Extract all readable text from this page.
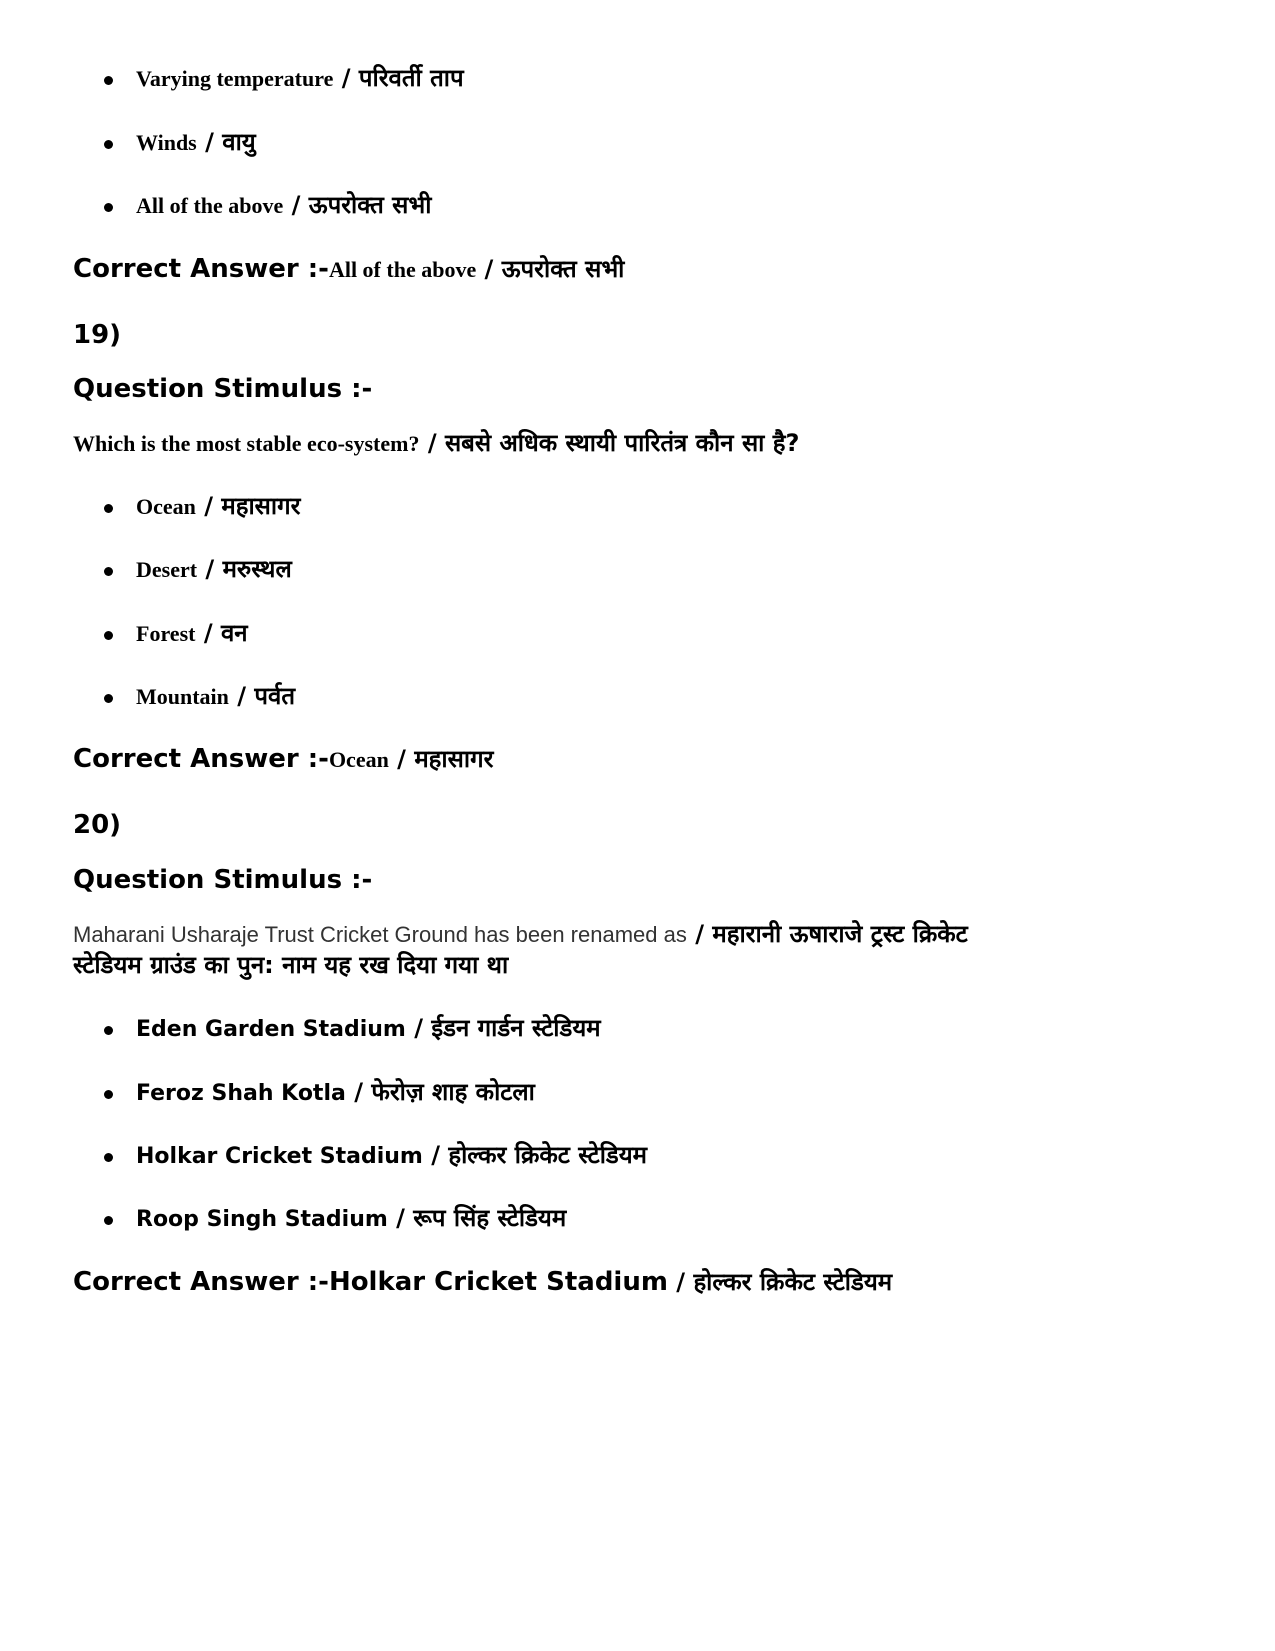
Varying temperature / परिवर्ती ताप

Winds / वायु

All of the above / ऊपरोक्त सभी

Correct Answer :-All of the above / ऊपरोक्त सभी

19)

Question Stimulus :-

Which is the most stable eco-system? / सबसे अधिक स्थायी पारितंत्र कौन सा है?

Ocean / महासागर

Desert / मरुस्थल

Forest / वन

Mountain / पर्वत

Correct Answer :-Ocean / महासागर

20)

Question Stimulus :-

Maharani Usharaje Trust Cricket Ground has been renamed as / महारानी ऊषाराजे ट्रस्ट क्रिकेट

स्टेडियम ग्राउंड का पुन: नाम यह रख दिया गया था

Eden Garden Stadium / ईडन गार्डन स्टेडियम

Feroz Shah Kotla / फेरोज़ शाह कोटला

Holkar Cricket Stadium / होल्कर क्रिकेट स्टेडियम

Roop Singh Stadium / रूप सिंह स्टेडियम

Correct Answer :-Holkar Cricket Stadium / होल्कर क्रिकेट स्टेडियम
